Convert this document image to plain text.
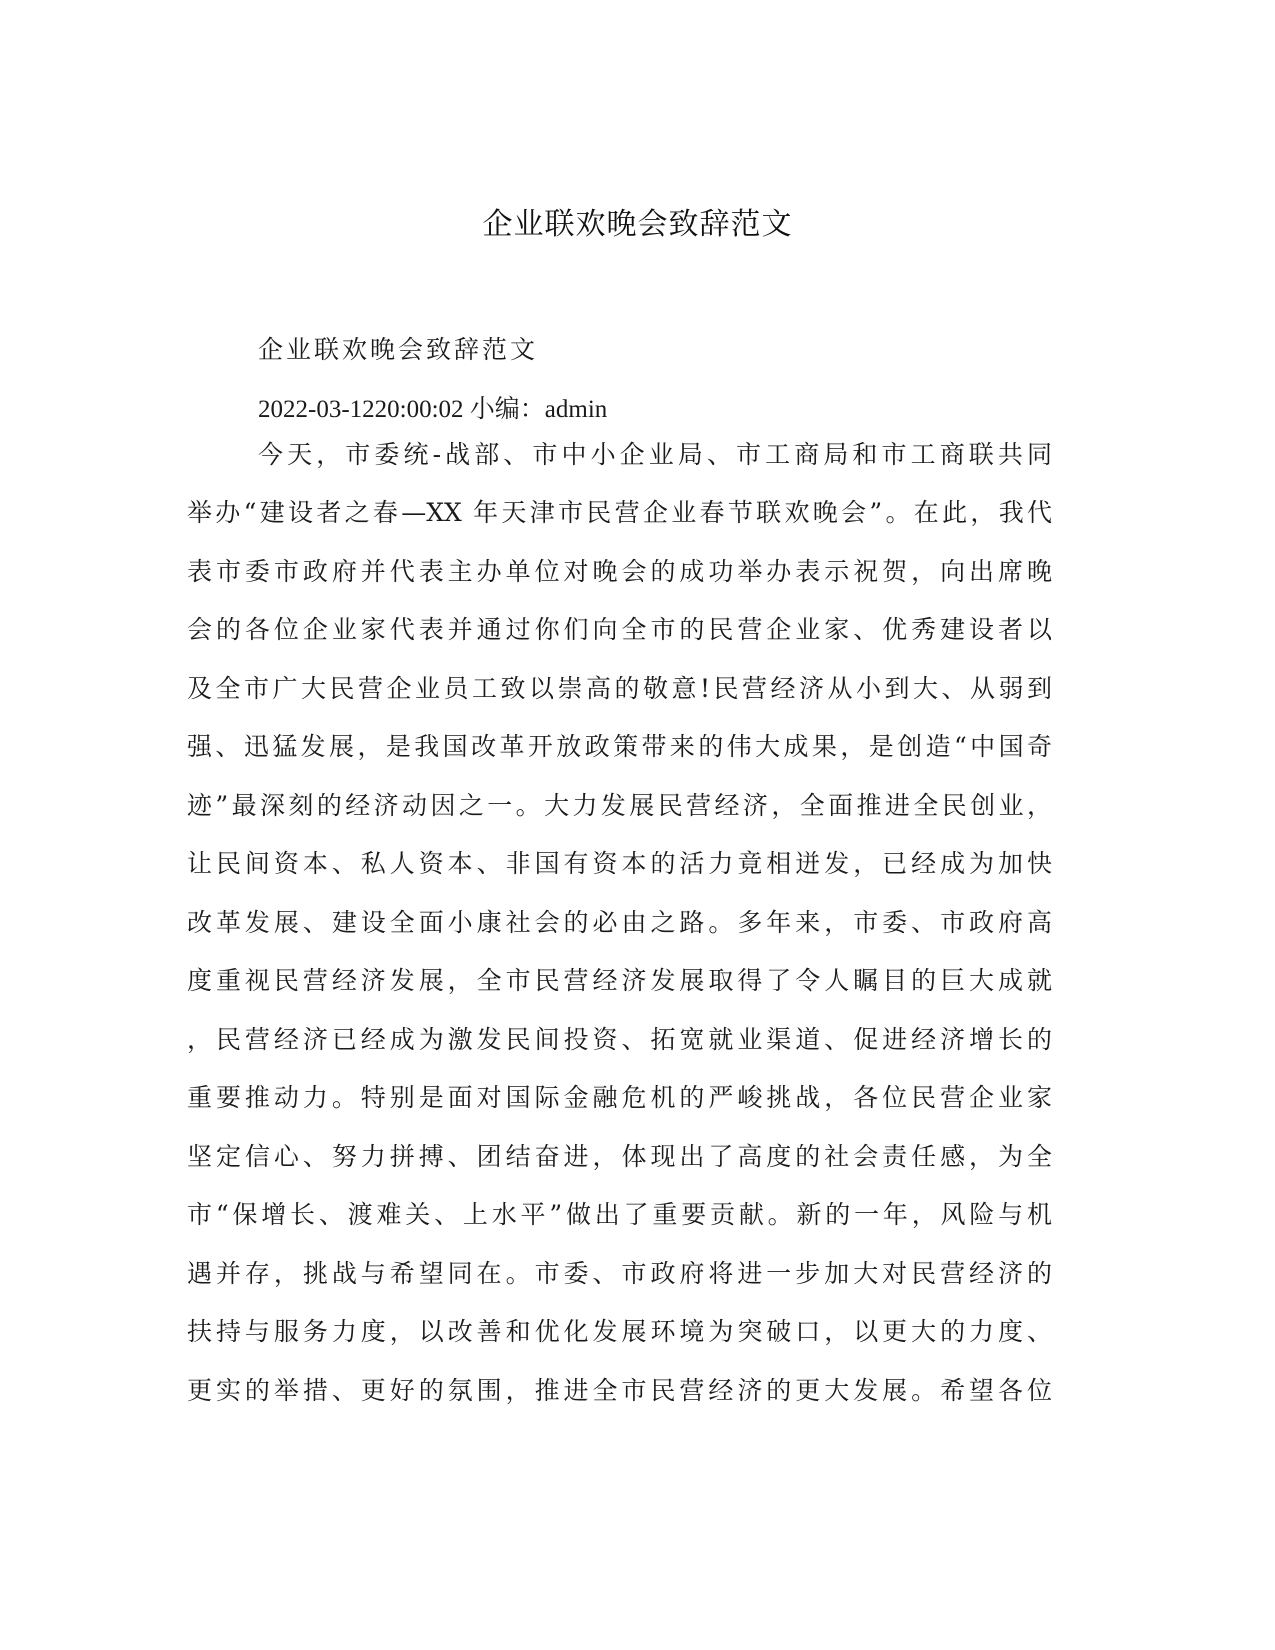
企业联欢晚会致辞范文
企业联欢晚会致辞范文
2022-03-1220:00:02 小编：admin
今天，市委统-战部、市中小企业局、市工商局和市工商联共同
举办“建设者之春—XX 年天津市民营企业春节联欢晚会”。在此，我代
表市委市政府并代表主办单位对晚会的成功举办表示祝贺，向出席晚
会的各位企业家代表并通过你们向全市的民营企业家、优秀建设者以
及全市广大民营企业员工致以崇高的敬意!民营经济从小到大、从弱到
强、迅猛发展，是我国改革开放政策带来的伟大成果，是创造“中国奇
迹”最深刻的经济动因之一。大力发展民营经济，全面推进全民创业，
让民间资本、私人资本、非国有资本的活力竟相迸发，已经成为加快
改革发展、建设全面小康社会的必由之路。多年来，市委、市政府高
度重视民营经济发展，全市民营经济发展取得了令人瞩目的巨大成就
，民营经济已经成为激发民间投资、拓宽就业渠道、促进经济增长的
重要推动力。特别是面对国际金融危机的严峻挑战，各位民营企业家
坚定信心、努力拼搏、团结奋进，体现出了高度的社会责任感，为全
市“保增长、渡难关、上水平”做出了重要贡献。新的一年，风险与机
遇并存，挑战与希望同在。市委、市政府将进一步加大对民营经济的
扶持与服务力度，以改善和优化发展环境为突破口，以更大的力度、
更实的举措、更好的氛围，推进全市民营经济的更大发展。希望各位
